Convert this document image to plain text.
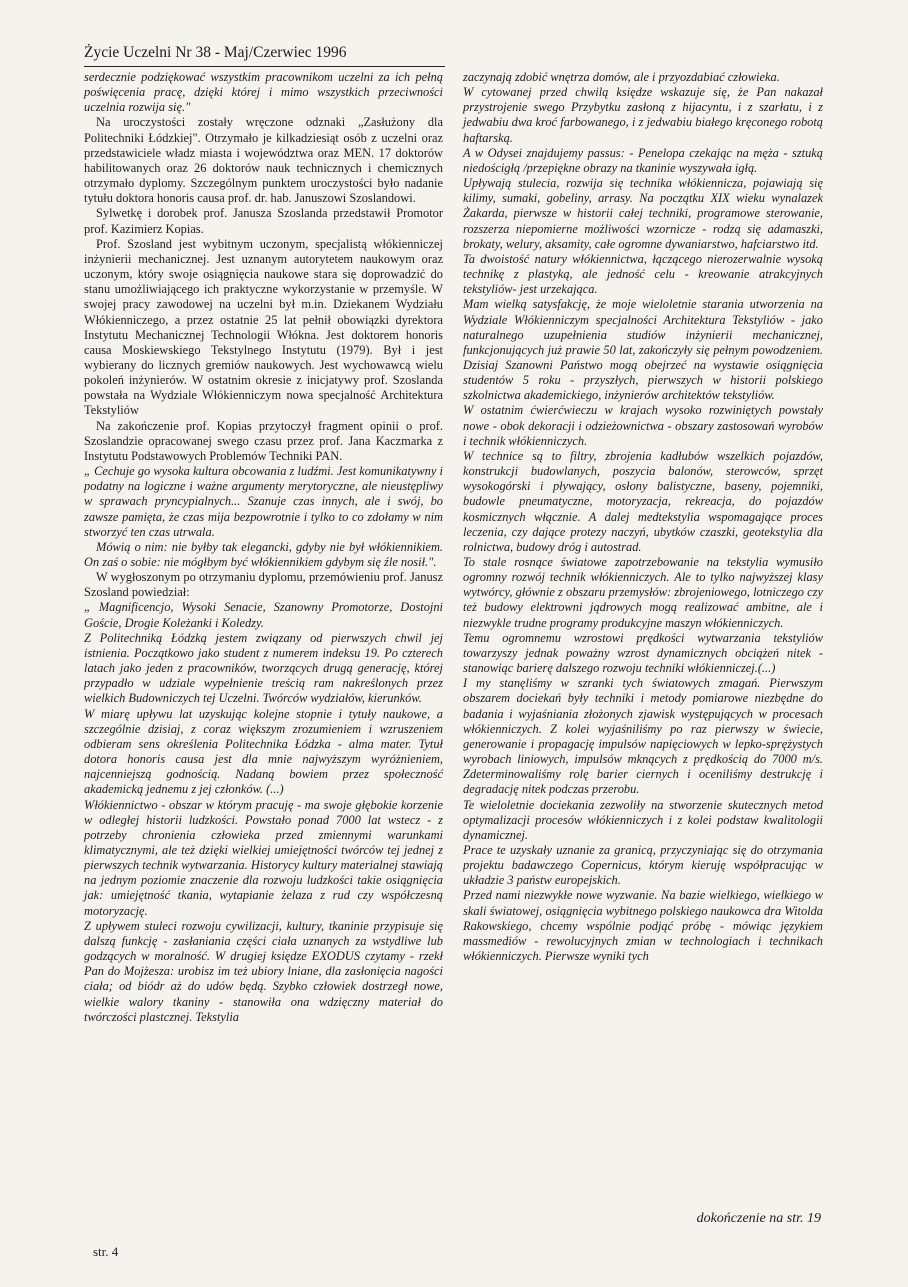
Życie Uczelni Nr 38 - Maj/Czerwiec 1996

serdecznie podziękować wszystkim pracownikom uczelni za ich pełną poświęcenia pracę, dzięki której i mimo wszystkich przeciwności uczelnia rozwija się."

Na uroczystości zostały wręczone odznaki „Zasłużony dla Politechniki Łódzkiej". Otrzymało je kilkadziesiąt osób z uczelni oraz przedstawiciele władz miasta i województwa oraz MEN. 17 doktorów habilitowanych oraz 26 doktorów nauk technicznych i chemicznych otrzymało dyplomy. Szczególnym punktem uroczystości było nadanie tytułu doktora honoris causa prof. dr. hab. Januszowi Szoslandowi.

Sylwetkę i dorobek prof. Janusza Szoslanda przedstawił Promotor prof. Kazimierz Kopias.

Prof. Szosland jest wybitnym uczonym, specjalistą włókienniczej inżynierii mechanicznej. Jest uznanym autorytetem naukowym oraz uczonym, który swoje osiągnięcia naukowe stara się doprowadzić do stanu umożliwiającego ich praktyczne wykorzystanie w przemyśle. W swojej pracy zawodowej na uczelni był m.in. Dziekanem Wydziału Włókienniczego, a przez ostatnie 25 lat pełnił obowiązki dyrektora Instytutu Mechanicznej Technologii Włókna. Jest doktorem honoris causa Moskiewskiego Tekstylnego Instytutu (1979). Był i jest wybierany do licznych gremiów naukowych. Jest wychowawcą wielu pokoleń inżynierów. W ostatnim okresie z inicjatywy prof. Szoslanda powstała na Wydziale Włókienniczym nowa specjalność Architektura Tekstyliów

Na zakończenie prof. Kopias przytoczył fragment opinii o prof. Szoslandzie opracowanej swego czasu przez prof. Jana Kaczmarka z Instytutu Podstawowych Problemów Techniki PAN.

„ Cechuje go wysoka kultura obcowania z ludźmi. Jest komunikatywny i podatny na logiczne i ważne argumenty merytoryczne, ale nieustępliwy w sprawach pryncypialnych... Szanuje czas innych, ale i swój, bo zawsze pamięta, że czas mija bezpowrotnie i tylko to co zdołamy w nim stworzyć ten czas utrwala.

Mówią o nim: nie byłby tak elegancki, gdyby nie był włókiennikiem. On zaś o sobie: nie mógłbym być włókiennikiem gdybym się źle nosił.".

W wygłoszonym po otrzymaniu dyplomu, przemówieniu prof. Janusz Szosland powiedział:

„ Magnificencjo, Wysoki Senacie, Szanowny Promotorze, Dostojni Goście, Drogie Koleżanki i Koledzy.

Z Politechniką Łódzką jestem związany od pierwszych chwil jej istnienia. Początkowo jako student z numerem indeksu 19. Po czterech latach jako jeden z pracowników, tworzących drugą generację, której przypadło w udziale wypełnienie treścią ram nakreślonych przez wielkich Budowniczych tej Uczelni. Twórców wydziałów, kierunków.

W miarę upływu lat uzyskując kolejne stopnie i tytuły naukowe, a szczególnie dzisiaj, z coraz większym zrozumieniem i wzruszeniem odbieram sens określenia Politechnika Łódzka - alma mater. Tytuł dotora honoris causa jest dla mnie najwyższym wyróżnieniem, najcenniejszą godnością. Nadaną bowiem przez społeczność akademicką jednemu z jej członków. (...)

Włókiennictwo - obszar w którym pracuję - ma swoje głębokie korzenie w odległej historii ludzkości. Powstało ponad 7000 lat wstecz - z potrzeby chronienia człowieka przed zmiennymi warunkami klimatycznymi, ale też dzięki wielkiej umiejętności twórców tej jednej z pierwszych technik wytwarzania. Historycy kultury materialnej stawiają na jednym poziomie znaczenie dla rozwoju ludzkości takie osiągnięcia jak: umiejętność tkania, wytapianie żelaza z rud czy współczesną motoryzację.

Z upływem stuleci rozwoju cywilizacji, kultury, tkaninie przypisuje się dalszą funkcję - zasłaniania części ciała uznanych za wstydliwe lub godzących w moralność. W drugiej księdze EXODUS czytamy - rzekł Pan do Mojżesza: urobisz im też ubiory lniane, dla zasłonięcia nagości ciała; od biódr aż do udów będą. Szybko człowiek dostrzegł nowe, wielkie walory tkaniny - stanowiła ona wdzięczny materiał do twórczości plastcznej. Tekstylia

zaczynają zdobić wnętrza domów, ale i przyozdabiać człowieka.

W cytowanej przed chwilą księdze wskazuje się, że Pan nakazał przystrojenie swego Przybytku zasłoną z hijacyntu, i z szarłatu, i z jedwabiu dwa kroć farbowanego, i z jedwabiu białego kręconego robotą haftarską.

A w Odysei znajdujemy passus: - Penelopa czekając na męża - sztuką niedościgłą /przepiękne obrazy na tkaninie wyszywała igłą.

Upływają stulecia, rozwija się technika włókiennicza, pojawiają się kilimy, sumaki, gobeliny, arrasy. Na początku XIX wieku wynalazek Żakarda, pierwsze w historii całej techniki, programowe sterowanie, rozszerza niepomierne możliwości wzornicze - rodzą się adamaszki, brokaty, welury, aksamity, całe ogromne dywaniarstwo, hafciarstwo itd.

Ta dwoistość natury włókiennictwa, łączącego nierozerwalnie wysoką technikę z plastyką, ale jedność celu - kreowanie atrakcyjnych tekstyliów- jest urzekająca.

Mam wielką satysfakcję, że moje wieloletnie starania utworzenia na Wydziale Włókienniczym specjalności Architektura Tekstyliów - jako naturalnego uzupełnienia studiów inżynierii mechanicznej, funkcjonujących już prawie 50 lat, zakończyły się pełnym powodzeniem. Dzisiaj Szanowni Państwo mogą obejrzeć na wystawie osiągnięcia studentów 5 roku - przyszłych, pierwszych w historii polskiego szkolnictwa akademickiego, inżynierów architektów tekstyliów.

W ostatnim ćwierćwieczu w krajach wysoko rozwiniętych powstały nowe - obok dekoracji i odzieżownictwa - obszary zastosowań wyrobów i technik włókienniczych.

W technice są to filtry, zbrojenia kadłubów wszelkich pojazdów, konstrukcji budowlanych, poszycia balonów, sterowców, sprzęt wysokogórski i pływający, osłony balistyczne, baseny, pojemniki, budowle pneumatyczne, motoryzacja, rekreacja, do pojazdów kosmicznych włącznie. A dalej medtekstylia wspomagające proces leczenia, czy dające protezy naczyń, ubytków czaszki, geotekstylia dla rolnictwa, budowy dróg i autostrad.

To stale rosnące światowe zapotrzebowanie na tekstylia wymusiło ogromny rozwój technik włókienniczych. Ale to tylko najwyższej klasy wytwórcy, głównie z obszaru przemysłów: zbrojeniowego, lotniczego czy też budowy elektrowni jądrowych mogą realizować ambitne, ale i niezwykle trudne programy produkcyjne maszyn włókienniczych.

Temu ogromnemu wzrostowi prędkości wytwarzania tekstyliów towarzyszy jednak poważny wzrost dynamicznych obciążeń nitek - stanowiąc barierę dalszego rozwoju techniki włókienniczej.(...)

I my stanęliśmy w szranki tych światowych zmagań. Pierwszym obszarem dociekań były techniki i metody pomiarowe niezbędne do badania i wyjaśniania złożonych zjawisk występujących w procesach włókienniczych. Z kolei wyjaśniliśmy po raz pierwszy w świecie, generowanie i propagację impulsów napięciowych w lepko-sprężystych wyrobach liniowych, impulsów mknących z prędkością do 7000 m/s. Zdeterminowaliśmy rolę barier ciernych i oceniliśmy destrukcję i degradację nitek podczas przerobu.

Te wieloletnie dociekania zezwoliły na stworzenie skutecznych metod optymalizacji procesów włókienniczych i z kolei podstaw kwalitologii dynamicznej.

Prace te uzyskały uznanie za granicą, przyczyniając się do otrzymania projektu badawczego Copernicus, którym kieruję współpracując w układzie 3 państw europejskich.

Przed nami niezwykłe nowe wyzwanie. Na bazie wielkiego, wielkiego w skali światowej, osiągnięcia wybitnego polskiego naukowca dra Witolda Rakowskiego, chcemy wspólnie podjąć próbę - mówiąc językiem massmediów - rewolucyjnych zmian w technologiach i technikach włókienniczych. Pierwsze wyniki tych

dokończenie na str. 19
str. 4
